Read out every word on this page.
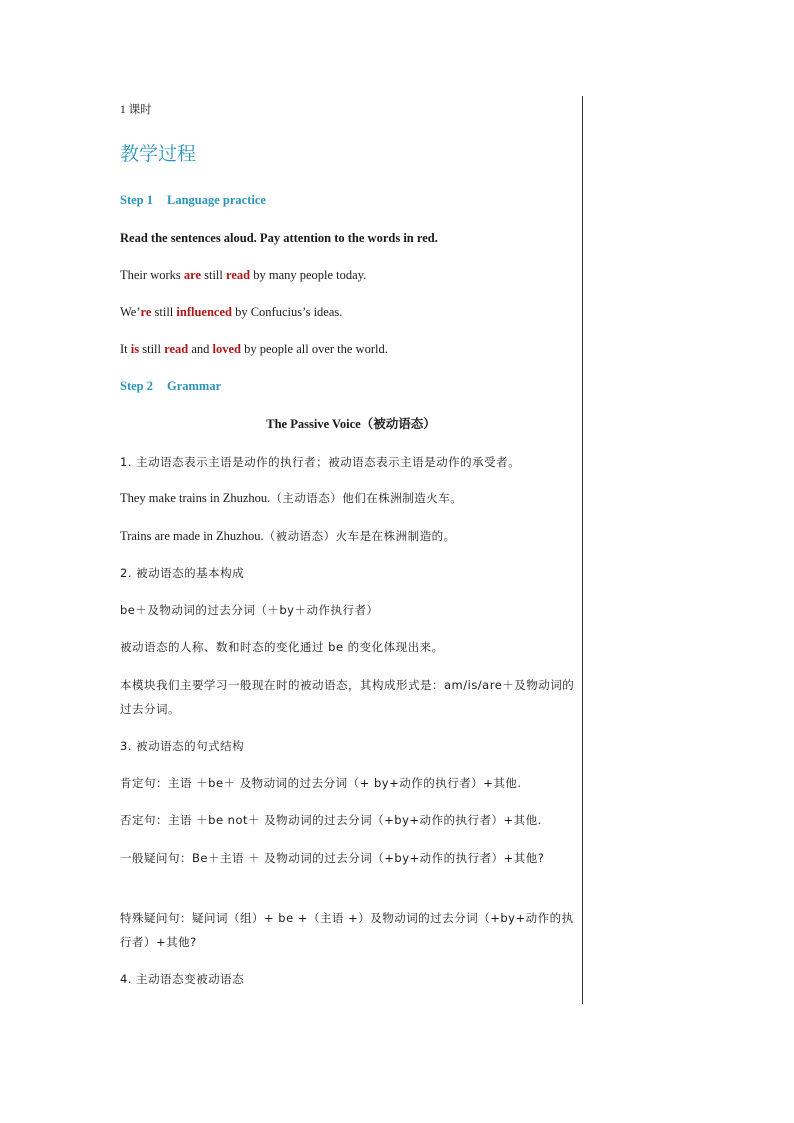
1 课时
教学过程
Step 1 Language practice
Read the sentences aloud. Pay attention to the words in red.
Their works are still read by many people today.
We’re still influenced by Confucius’s ideas.
It is still read and loved by people all over the world.
Step 2 Grammar
The Passive Voice（被动语态）
1. 主动语态表示主语是动作的执行者；被动语态表示主语是动作的承受者。
They make trains in Zhuzhou.（主动语态）他们在株洲制造火车。
Trains are made in Zhuzhou.（被动语态）火车是在株洲制造的。
2. 被动语态的基本构成
be＋及物动词的过去分词（＋by＋动作执行者）
被动语态的人称、数和时态的变化通过 be 的变化体现出来。
本模块我们主要学习一般现在时的被动语态，其构成形式是：am/is/are＋及物动词的过去分词。
3. 被动语态的句式结构
肯定句：主语 ＋be＋ 及物动词的过去分词（+ by+动作的执行者）+其他.
否定句：主语 ＋be not＋ 及物动词的过去分词（+by+动作的执行者）+其他.
一般疑问句：Be＋主语 ＋ 及物动词的过去分词（+by+动作的执行者）+其他?
特殊疑问句：疑问词（组）+ be +（主语 +）及物动词的过去分词（+by+动作的执行者）+其他?
4. 主动语态变被动语态
